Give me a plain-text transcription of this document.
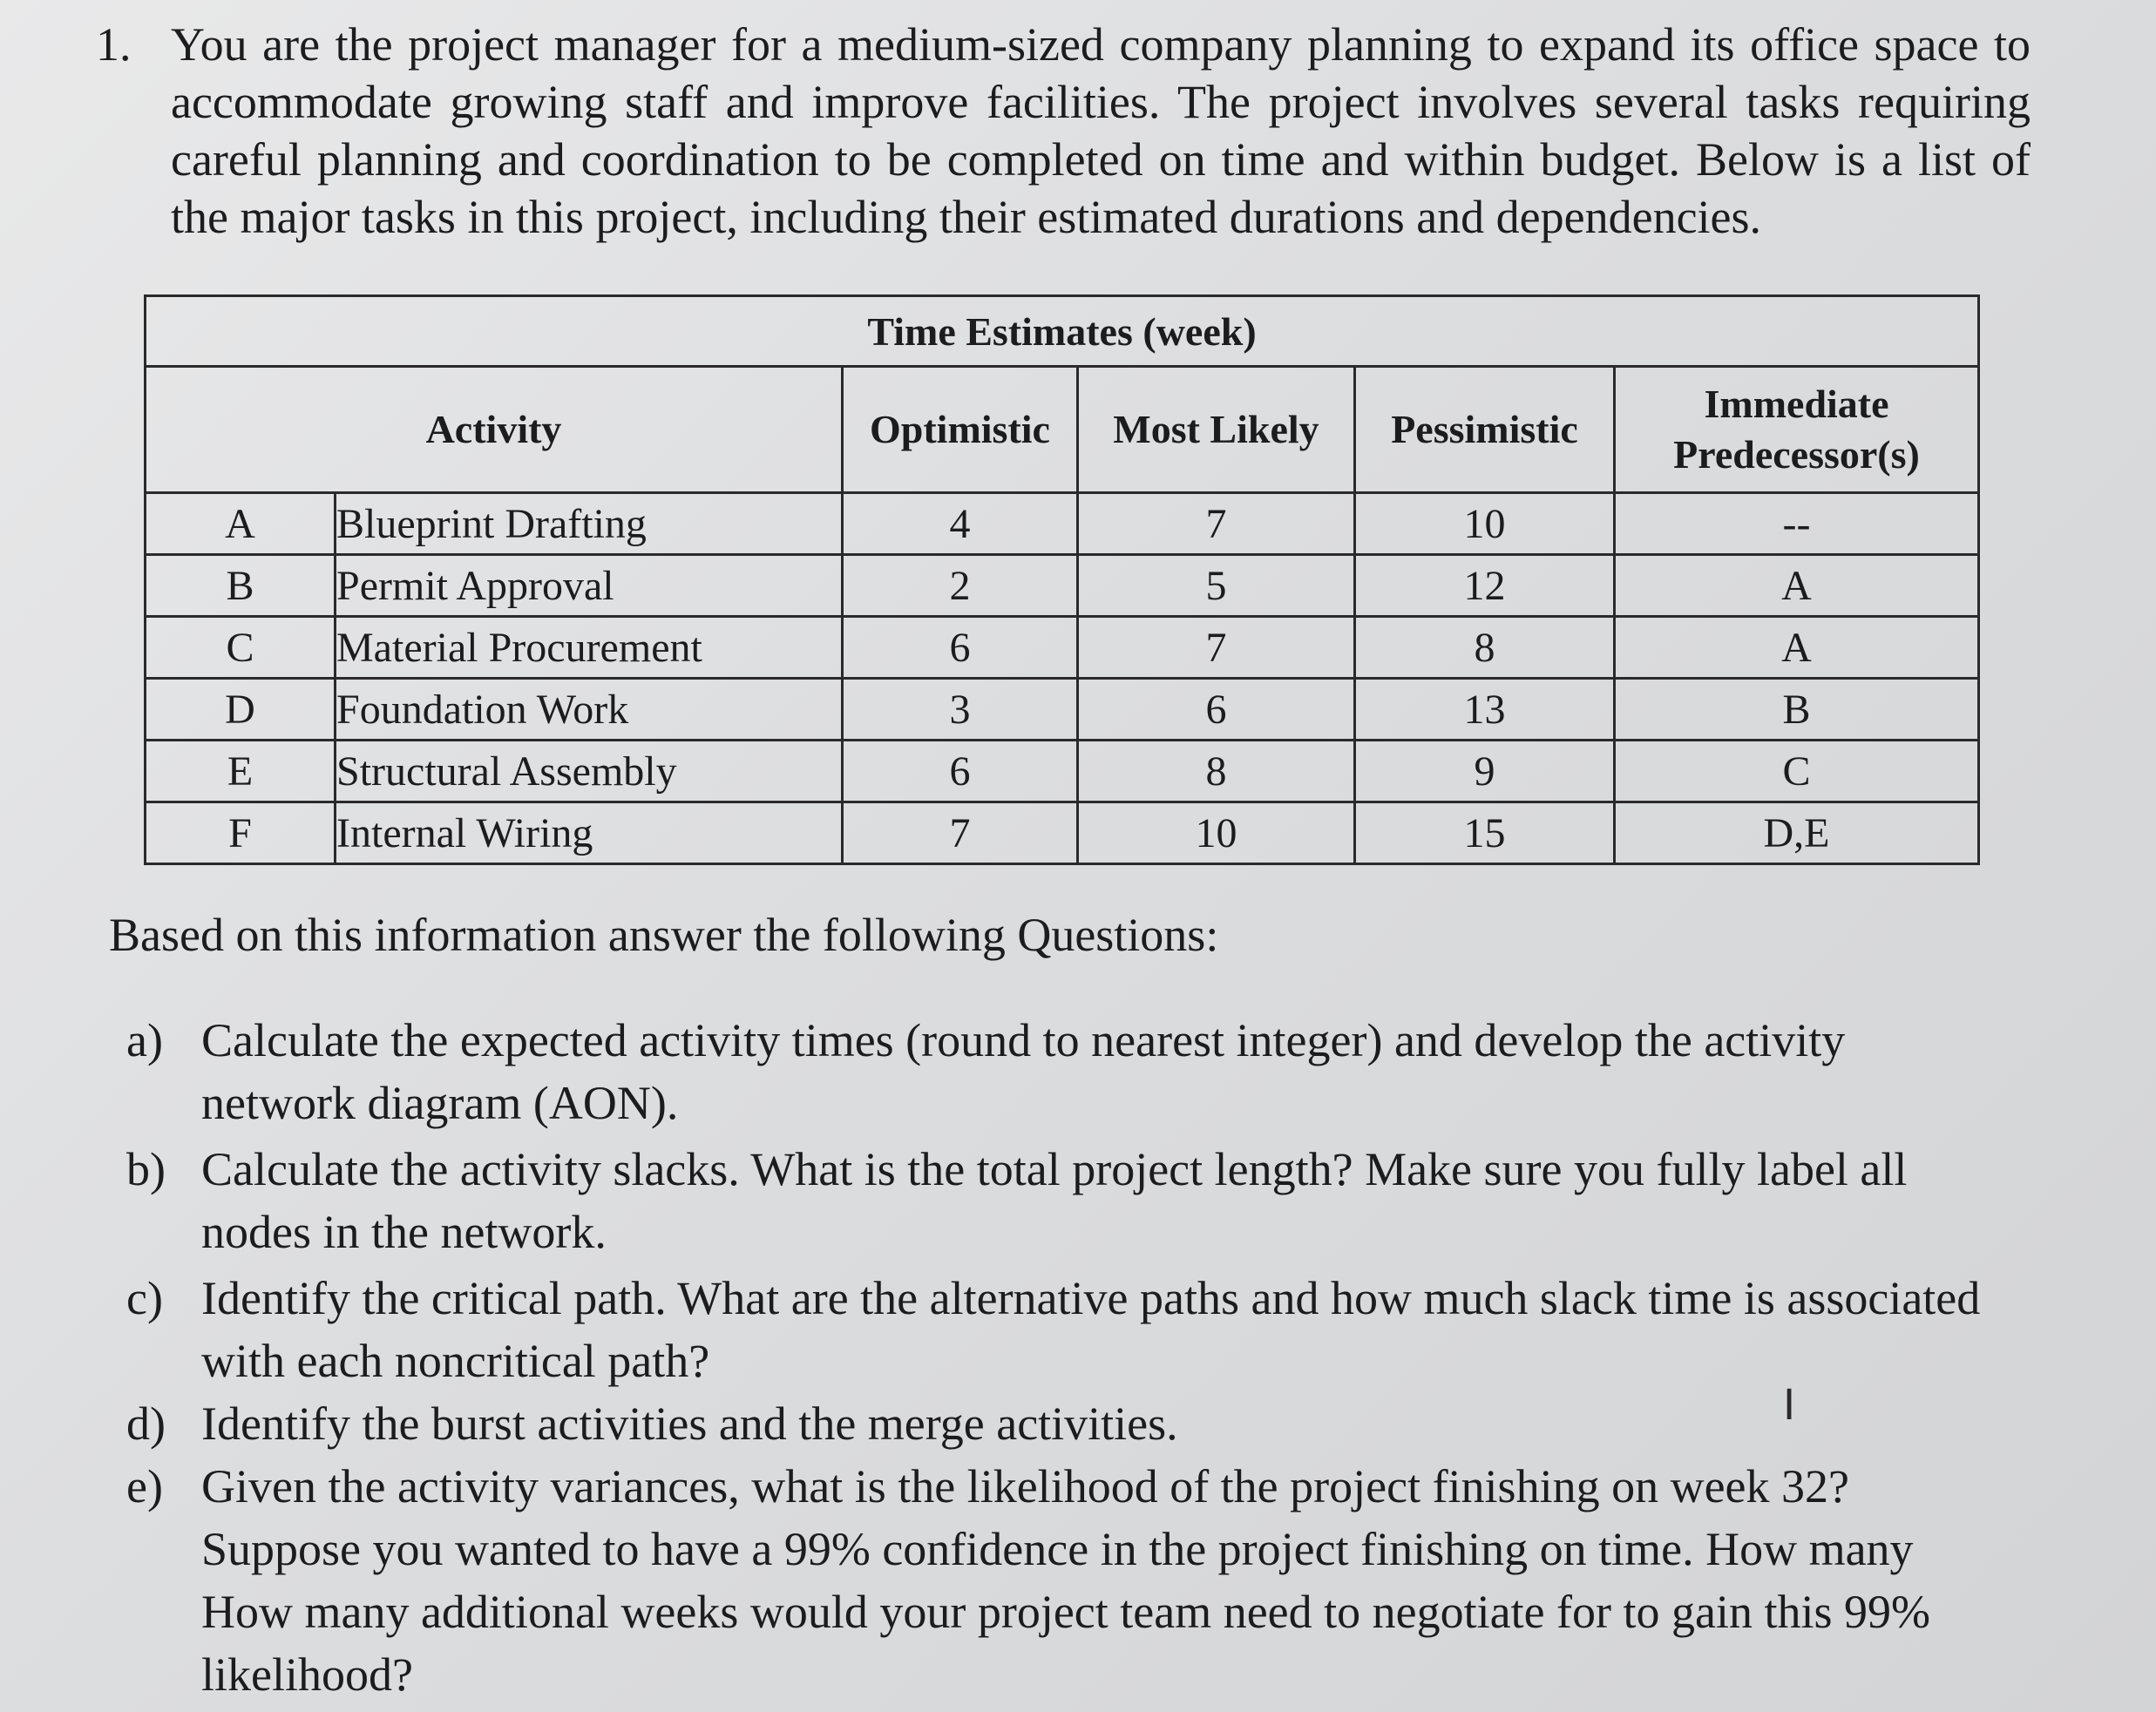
1. You are the project manager for a medium-sized company planning to expand its office space to accommodate growing staff and improve facilities. The project involves several tasks requiring careful planning and coordination to be completed on time and within budget. Below is a list of the major tasks in this project, including their estimated durations and dependencies.
Time Estimates (week)					
Activity		Optimistic	Most Likely	Pessimistic	Immediate
Predecessor(s)
A	Blueprint Drafting	4	7	10	--
B	Permit Approval	2	5	12	A
C	Material Procurement	6	7	8	A
D	Foundation Work	3	6	13	B
E	Structural Assembly	6	8	9	C
F	Internal Wiring	7	10	15	D,E
Based on this information answer the following Questions:
a) Calculate the expected activity times (round to nearest integer) and develop the activity network diagram (AON).
b) Calculate the activity slacks. What is the total project length? Make sure you fully label all nodes in the network.
c) Identify the critical path. What are the alternative paths and how much slack time is associated with each noncritical path?
d) Identify the burst activities and the merge activities.
e) Given the activity variances, what is the likelihood of the project finishing on week 32? Suppose you wanted to have a 99% confidence in the project finishing on time. How many How many additional weeks would your project team need to negotiate for to gain this 99% likelihood?
I
